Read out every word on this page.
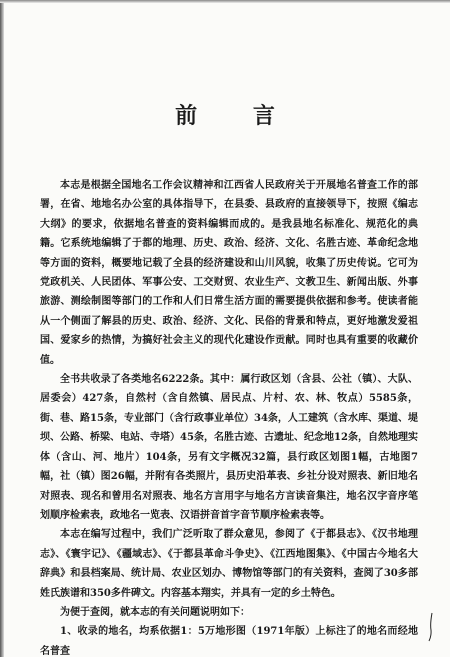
前 言

本志是根据全国地名工作会议精神和江西省人民政府关于开展地名普查工作的部署，在省、地地名办公室的具体指导下，在县委、县政府的直接领导下，按照《编志大纲》的要求，依据地名普查的资料编辑而成的。是我县地名标准化、规范化的典籍。它系统地编辑了于都的地理、历史、政治、经济、文化、名胜古迹、革命纪念地等方面的资料，概要地记载了全县的经济建设和山川风貌，收集了历史传说。它可为党政机关、人民团体、军事公安、工交财贸、农业生产、文教卫生、新闻出版、外事旅游、测绘制图等部门的工作和人们日常生活方面的需要提供依据和参考。使读者能从一个侧面了解县的历史、政治、经济、文化、民俗的背景和特点，更好地激发爱祖国、爱家乡的热情，为搞好社会主义的现代化建设作贡献。同时也具有重要的收藏价值。

全书共收录了各类地名6222条。其中：属行政区划（含县、公社（镇）、大队、居委会）427条，自然村（含自然镇、居民点、片村、农、林、牧点）5585条，街、巷、路15条，专业部门（含行政事业单位）34条，人工建筑（含水库、渠道、堤坝、公路、桥梁、电站、寺塔）45条，名胜古迹、古遗址、纪念地12条，自然地理实体（含山、河、地片）104条，另有文字概况32篇，县行政区划图1幅，古地图7幅，社（镇）图26幅，并附有各类照片，县历史沿革表、乡社分设对照表、新旧地名对照表、现名和曾用名对照表、地名方言用字与地名方言读音集注，地名汉字音序笔划顺序检索表，政地名一览表、汉语拼音首字音节顺序检索表等。

本志在编写过程中，我们广泛听取了群众意见，参阅了《于都县志》、《汉书地理志》、《寰宇记》、《疆域志》、《于都县革命斗争史》、《江西地图集》、《中国古今地名大辞典》和县档案局、统计局、农业区划办、博物馆等部门的有关资料，查阅了30多部姓氏族谱和350多件碑文。内容基本翔实，并具有一定的乡土特色。

为便于查阅，就本志的有关问题说明如下：

1、收录的地名，均系依据1：5万地形图（1971年版）上标注了的地名而经地名普查
